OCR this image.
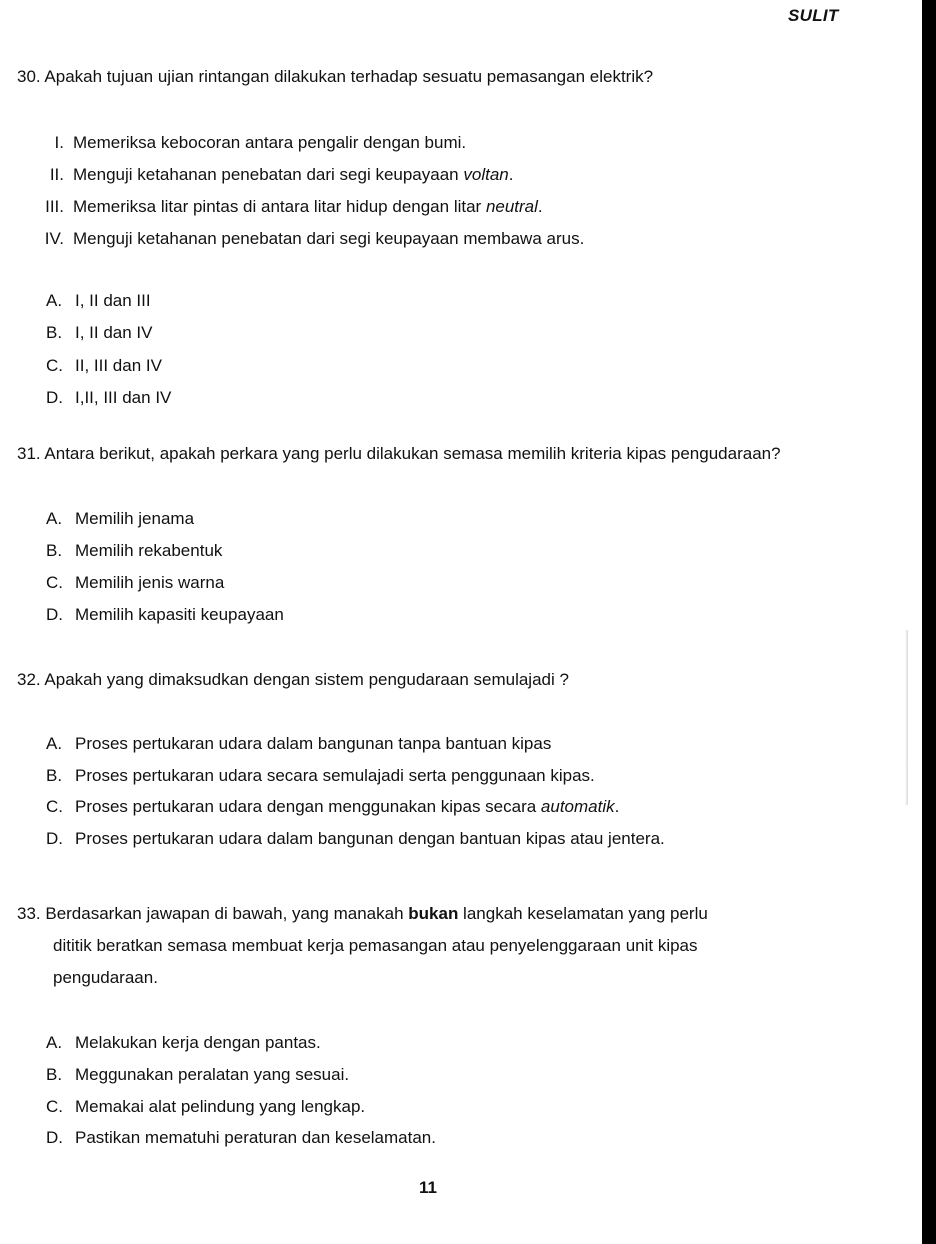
SULIT
30. Apakah tujuan ujian rintangan dilakukan terhadap sesuatu pemasangan elektrik?
I. Memeriksa kebocoran antara pengalir dengan bumi.
II. Menguji ketahanan penebatan dari segi keupayaan voltan.
III. Memeriksa litar pintas di antara litar hidup dengan litar neutral.
IV. Menguji ketahanan penebatan dari segi keupayaan membawa arus.
A. I, II dan III
B. I, II dan IV
C. II, III dan IV
D. I,II, III dan IV
31. Antara berikut, apakah perkara yang perlu dilakukan semasa memilih kriteria kipas pengudaraan?
A. Memilih jenama
B. Memilih rekabentuk
C. Memilih jenis warna
D. Memilih kapasiti keupayaan
32. Apakah yang dimaksudkan dengan sistem pengudaraan semulajadi ?
A. Proses pertukaran udara dalam bangunan tanpa bantuan kipas
B. Proses pertukaran udara secara semulajadi serta penggunaan kipas.
C. Proses pertukaran udara dengan menggunakan kipas secara automatik.
D. Proses pertukaran udara dalam bangunan dengan bantuan kipas atau jentera.
33. Berdasarkan jawapan di bawah, yang manakah bukan langkah keselamatan yang perlu
dititik beratkan semasa membuat kerja pemasangan atau penyelenggaraan unit kipas
pengudaraan.
A. Melakukan kerja dengan pantas.
B. Meggunakan peralatan yang sesuai.
C. Memakai alat pelindung yang lengkap.
D. Pastikan mematuhi peraturan dan keselamatan.
11
